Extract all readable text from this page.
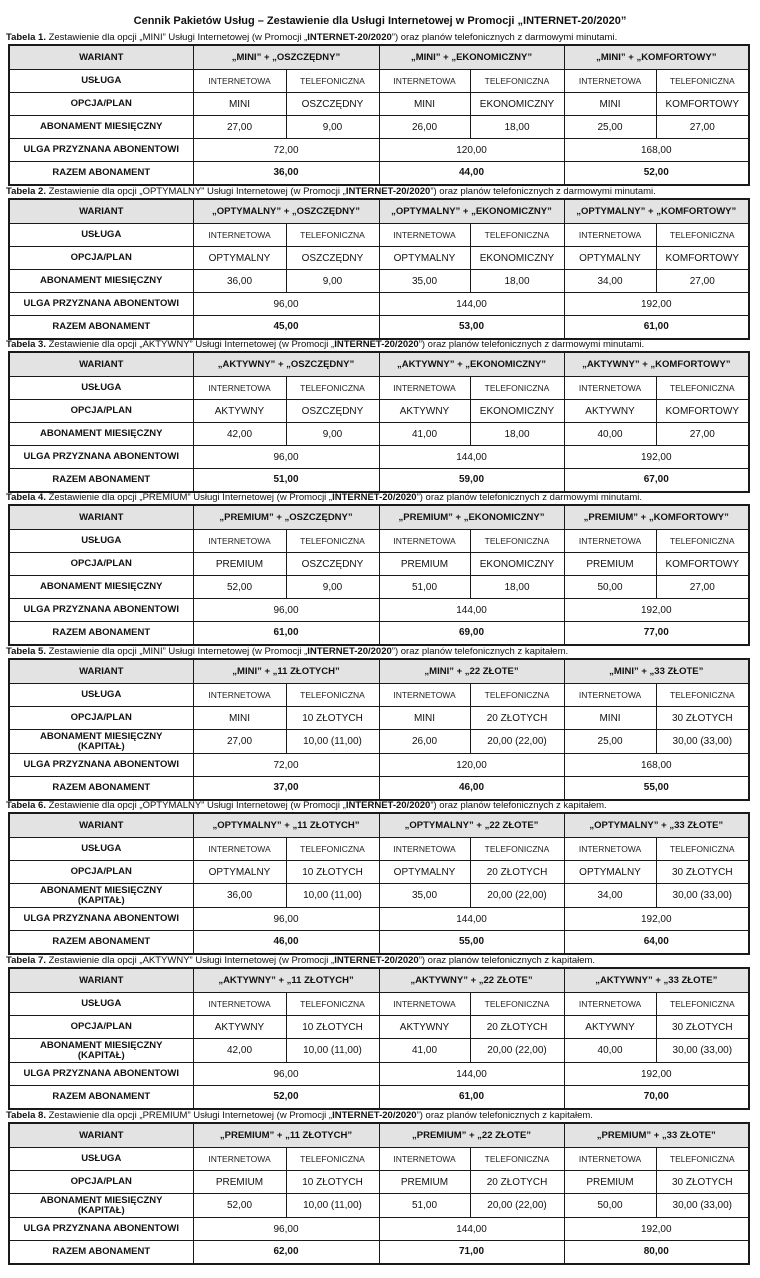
Cennik Pakietów Usług – Zestawienie dla Usługi Internetowej w Promocji „INTERNET-20/2020”
Tabela 1. Zestawienie dla opcji „MINI” Usługi Internetowej (w Promocji „INTERNET-20/2020”) oraz planów telefonicznych z darmowymi minutami.
WARIANT	„MINI” + „OSZCZĘDNY”		„MINI” + „EKONOMICZNY”		„MINI” + „KOMFORTOWY”	
USŁUGA	INTERNETOWA	TELEFONICZNA	INTERNETOWA	TELEFONICZNA	INTERNETOWA	TELEFONICZNA
OPCJA/PLAN	MINI	OSZCZĘDNY	MINI	EKONOMICZNY	MINI	KOMFORTOWY
ABONAMENT MIESIĘCZNY	27,00	9,00	26,00	18,00	25,00	27,00
ULGA PRZYZNANA ABONENTOWI	72,00		120,00		168,00	
RAZEM ABONAMENT	36,00		44,00		52,00	
Tabela 2. Zestawienie dla opcji „OPTYMALNY” Usługi Internetowej (w Promocji „INTERNET-20/2020”) oraz planów telefonicznych z darmowymi minutami.
WARIANT	„OPTYMALNY” + „OSZCZĘDNY”		„OPTYMALNY” + „EKONOMICZNY”		„OPTYMALNY” + „KOMFORTOWY”	
USŁUGA	INTERNETOWA	TELEFONICZNA	INTERNETOWA	TELEFONICZNA	INTERNETOWA	TELEFONICZNA
OPCJA/PLAN	OPTYMALNY	OSZCZĘDNY	OPTYMALNY	EKONOMICZNY	OPTYMALNY	KOMFORTOWY
ABONAMENT MIESIĘCZNY	36,00	9,00	35,00	18,00	34,00	27,00
ULGA PRZYZNANA ABONENTOWI	96,00		144,00		192,00	
RAZEM ABONAMENT	45,00		53,00		61,00	
Tabela 3. Zestawienie dla opcji „AKTYWNY” Usługi Internetowej (w Promocji „INTERNET-20/2020”) oraz planów telefonicznych z darmowymi minutami.
WARIANT	„AKTYWNY” + „OSZCZĘDNY”		„AKTYWNY” + „EKONOMICZNY”		„AKTYWNY” + „KOMFORTOWY”	
USŁUGA	INTERNETOWA	TELEFONICZNA	INTERNETOWA	TELEFONICZNA	INTERNETOWA	TELEFONICZNA
OPCJA/PLAN	AKTYWNY	OSZCZĘDNY	AKTYWNY	EKONOMICZNY	AKTYWNY	KOMFORTOWY
ABONAMENT MIESIĘCZNY	42,00	9,00	41,00	18,00	40,00	27,00
ULGA PRZYZNANA ABONENTOWI	96,00		144,00		192,00	
RAZEM ABONAMENT	51,00		59,00		67,00	
Tabela 4. Zestawienie dla opcji „PREMIUM” Usługi Internetowej (w Promocji „INTERNET-20/2020”) oraz planów telefonicznych z darmowymi minutami.
WARIANT	„PREMIUM” + „OSZCZĘDNY”		„PREMIUM” + „EKONOMICZNY”		„PREMIUM” + „KOMFORTOWY”	
USŁUGA	INTERNETOWA	TELEFONICZNA	INTERNETOWA	TELEFONICZNA	INTERNETOWA	TELEFONICZNA
OPCJA/PLAN	PREMIUM	OSZCZĘDNY	PREMIUM	EKONOMICZNY	PREMIUM	KOMFORTOWY
ABONAMENT MIESIĘCZNY	52,00	9,00	51,00	18,00	50,00	27,00
ULGA PRZYZNANA ABONENTOWI	96,00		144,00		192,00	
RAZEM ABONAMENT	61,00		69,00		77,00	
Tabela 5. Zestawienie dla opcji „MINI” Usługi Internetowej (w Promocji „INTERNET-20/2020”) oraz planów telefonicznych z kapitałem.
WARIANT	„MINI” + „11 ZŁOTYCH”		„MINI” + „22 ZŁOTE”		„MINI” + „33 ZŁOTE”	
USŁUGA	INTERNETOWA	TELEFONICZNA	INTERNETOWA	TELEFONICZNA	INTERNETOWA	TELEFONICZNA
OPCJA/PLAN	MINI	10 ZŁOTYCH	MINI	20 ZŁOTYCH	MINI	30 ZŁOTYCH

ABONAMENT MIESIĘCZNY
(KAPITAŁ)	27,00	10,00 (11,00)	26,00	20,00 (22,00)	25,00	30,00 (33,00)
ULGA PRZYZNANA ABONENTOWI	72,00		120,00		168,00	
RAZEM ABONAMENT	37,00		46,00		55,00	
Tabela 6. Zestawienie dla opcji „OPTYMALNY” Usługi Internetowej (w Promocji „INTERNET-20/2020”) oraz planów telefonicznych z kapitałem.
WARIANT	„OPTYMALNY” + „11 ZŁOTYCH”		„OPTYMALNY” + „22 ZŁOTE”		„OPTYMALNY” + „33 ZŁOTE”	
USŁUGA	INTERNETOWA	TELEFONICZNA	INTERNETOWA	TELEFONICZNA	INTERNETOWA	TELEFONICZNA
OPCJA/PLAN	OPTYMALNY	10 ZŁOTYCH	OPTYMALNY	20 ZŁOTYCH	OPTYMALNY	30 ZŁOTYCH

ABONAMENT MIESIĘCZNY
(KAPITAŁ)	36,00	10,00 (11,00)	35,00	20,00 (22,00)	34,00	30,00 (33,00)
ULGA PRZYZNANA ABONENTOWI	96,00		144,00		192,00	
RAZEM ABONAMENT	46,00		55,00		64,00	
Tabela 7. Zestawienie dla opcji „AKTYWNY” Usługi Internetowej (w Promocji „INTERNET-20/2020”) oraz planów telefonicznych z kapitałem.
WARIANT	„AKTYWNY” + „11 ZŁOTYCH”		„AKTYWNY” + „22 ZŁOTE”		„AKTYWNY” + „33 ZŁOTE”	
USŁUGA	INTERNETOWA	TELEFONICZNA	INTERNETOWA	TELEFONICZNA	INTERNETOWA	TELEFONICZNA
OPCJA/PLAN	AKTYWNY	10 ZŁOTYCH	AKTYWNY	20 ZŁOTYCH	AKTYWNY	30 ZŁOTYCH

ABONAMENT MIESIĘCZNY
(KAPITAŁ)	42,00	10,00 (11,00)	41,00	20,00 (22,00)	40,00	30,00 (33,00)
ULGA PRZYZNANA ABONENTOWI	96,00		144,00		192,00	
RAZEM ABONAMENT	52,00		61,00		70,00	
Tabela 8. Zestawienie dla opcji „PREMIUM” Usługi Internetowej (w Promocji „INTERNET-20/2020”) oraz planów telefonicznych z kapitałem.
WARIANT	„PREMIUM” + „11 ZŁOTYCH”		„PREMIUM” + „22 ZŁOTE”		„PREMIUM” + „33 ZŁOTE”	
USŁUGA	INTERNETOWA	TELEFONICZNA	INTERNETOWA	TELEFONICZNA	INTERNETOWA	TELEFONICZNA
OPCJA/PLAN	PREMIUM	10 ZŁOTYCH	PREMIUM	20 ZŁOTYCH	PREMIUM	30 ZŁOTYCH

ABONAMENT MIESIĘCZNY
(KAPITAŁ)	52,00	10,00 (11,00)	51,00	20,00 (22,00)	50,00	30,00 (33,00)
ULGA PRZYZNANA ABONENTOWI	96,00		144,00		192,00	
RAZEM ABONAMENT	62,00		71,00		80,00	
